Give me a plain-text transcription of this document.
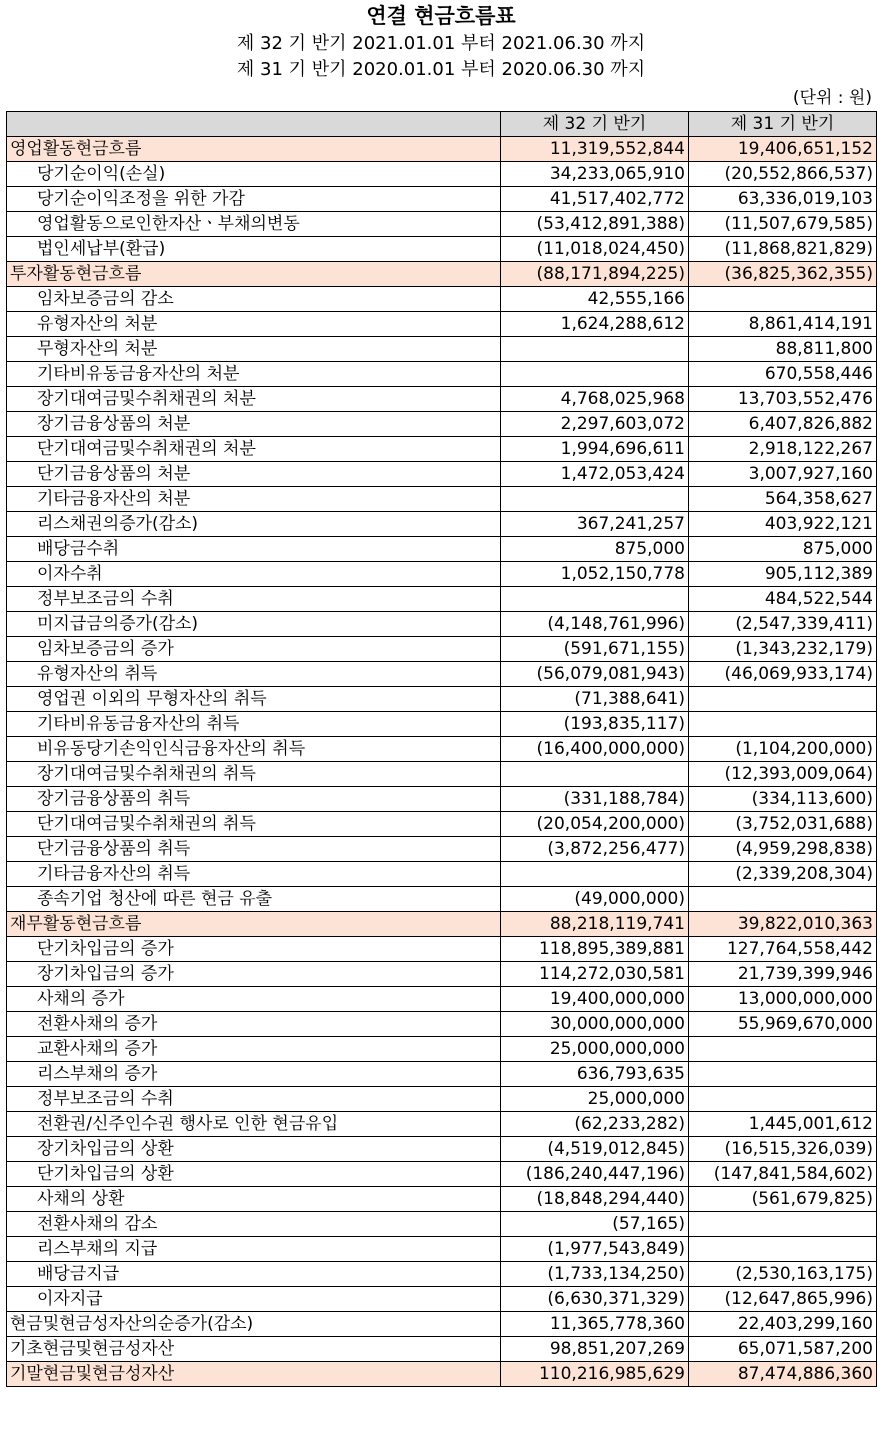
연결 현금흐름표
제 32 기 반기 2021.01.01 부터 2021.06.30 까지
제 31 기 반기 2020.01.01 부터 2020.06.30 까지
(단위 : 원)
	제 32 기 반기	제 31 기 반기
영업활동현금흐름	11,319,552,844	19,406,651,152
당기순이익(손실)	34,233,065,910	(20,552,866,537)
당기순이익조정을 위한 가감	41,517,402,772	63,336,019,103
영업활동으로인한자산ㆍ부채의변동	(53,412,891,388)	(11,507,679,585)
법인세납부(환급)	(11,018,024,450)	(11,868,821,829)
투자활동현금흐름	(88,171,894,225)	(36,825,362,355)
임차보증금의 감소	42,555,166	
유형자산의 처분	1,624,288,612	8,861,414,191
무형자산의 처분		88,811,800
기타비유동금융자산의 처분		670,558,446
장기대여금및수취채권의 처분	4,768,025,968	13,703,552,476
장기금융상품의 처분	2,297,603,072	6,407,826,882
단기대여금및수취채권의 처분	1,994,696,611	2,918,122,267
단기금융상품의 처분	1,472,053,424	3,007,927,160
기타금융자산의 처분		564,358,627
리스채권의증가(감소)	367,241,257	403,922,121
배당금수취	875,000	875,000
이자수취	1,052,150,778	905,112,389
정부보조금의 수취		484,522,544
미지급금의증가(감소)	(4,148,761,996)	(2,547,339,411)
임차보증금의 증가	(591,671,155)	(1,343,232,179)
유형자산의 취득	(56,079,081,943)	(46,069,933,174)
영업권 이외의 무형자산의 취득	(71,388,641)	
기타비유동금융자산의 취득	(193,835,117)	
비유동당기손익인식금융자산의 취득	(16,400,000,000)	(1,104,200,000)
장기대여금및수취채권의 취득		(12,393,009,064)
장기금융상품의 취득	(331,188,784)	(334,113,600)
단기대여금및수취채권의 취득	(20,054,200,000)	(3,752,031,688)
단기금융상품의 취득	(3,872,256,477)	(4,959,298,838)
기타금융자산의 취득		(2,339,208,304)
종속기업 청산에 따른 현금 유출	(49,000,000)	
재무활동현금흐름	88,218,119,741	39,822,010,363
단기차입금의 증가	118,895,389,881	127,764,558,442
장기차입금의 증가	114,272,030,581	21,739,399,946
사채의 증가	19,400,000,000	13,000,000,000
전환사채의 증가	30,000,000,000	55,969,670,000
교환사채의 증가	25,000,000,000	
리스부채의 증가	636,793,635	
정부보조금의 수취	25,000,000	
전환권/신주인수권 행사로 인한 현금유입	(62,233,282)	1,445,001,612
장기차입금의 상환	(4,519,012,845)	(16,515,326,039)
단기차입금의 상환	(186,240,447,196)	(147,841,584,602)
사채의 상환	(18,848,294,440)	(561,679,825)
전환사채의 감소	(57,165)	
리스부채의 지급	(1,977,543,849)	
배당금지급	(1,733,134,250)	(2,530,163,175)
이자지급	(6,630,371,329)	(12,647,865,996)
현금및현금성자산의순증가(감소)	11,365,778,360	22,403,299,160
기초현금및현금성자산	98,851,207,269	65,071,587,200
기말현금및현금성자산	110,216,985,629	87,474,886,360
